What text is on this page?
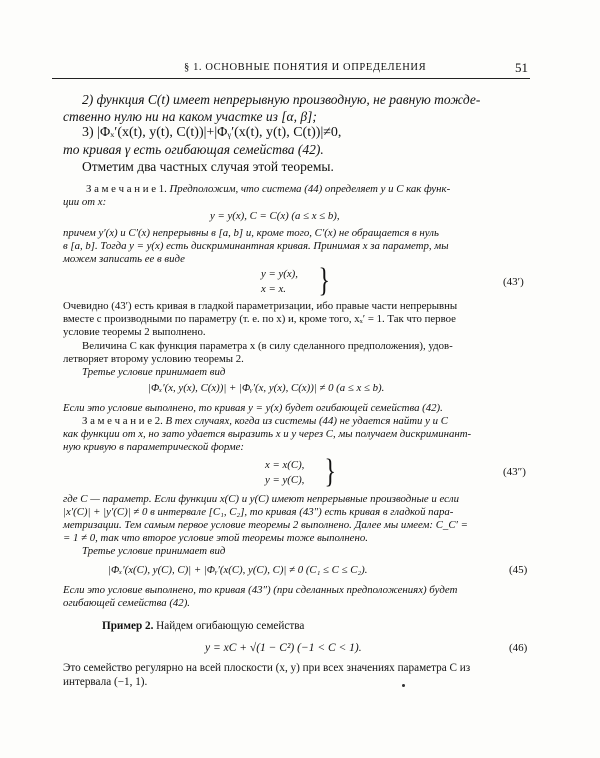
§ 1. ОСНОВНЫЕ ПОНЯТИЯ И ОПРЕДЕЛЕНИЯ	51
2) функция C(t) имеет непрерывную производную, не равную тожде-
ственно нулю ни на каком участке из [α, β];
3) |Φₓ′(x(t), y(t), C(t))|+|Φᵧ′(x(t), y(t), C(t))|≠0,
то кривая γ есть огибающая семейства (42).
Отметим два частных случая этой теоремы.
З а м е ч а н и е 1. Предположим, что система (44) определяет y и C как функ-
ции от x:
y = y(x), C = C(x) (a ≤ x ≤ b),
причем y′(x) и C′(x) непрерывны в [a, b] и, кроме того, C′(x) не обращается в нуль
в [a, b]. Тогда y = y(x) есть дискриминантная кривая. Принимая x за параметр, мы
можем записать ее в виде
y = y(x),
x = x. }	(43′)
Очевидно (43′) есть кривая в гладкой параметризации, ибо правые части непрерывны
вместе с производными по параметру (т. е. по x) и, кроме того, xₓ′ = 1. Так что первое
условие теоремы 2 выполнено.
Величина C как функция параметра x (в силу сделанного предположения), удов-
летворяет второму условию теоремы 2.
Третье условие принимает вид
|Φₓ′(x, y(x), C(x))| + |Φᵧ′(x, y(x), C(x))| ≠ 0 (a ≤ x ≤ b).
Если это условие выполнено, то кривая y = y(x) будет огибающей семейства (42).
З а м е ч а н и е 2. В тех случаях, когда из системы (44) не удается найти y и C
как функции от x, но зато удается выразить x и y через C, мы получаем дискриминант-
ную кривую в параметрической форме:
x = x(C),
y = y(C), }	(43″)
где C — параметр. Если функции x(C) и y(C) имеют непрерывные производные и если
|x′(C)| + |y′(C)| ≠ 0 в интервале [C₁, C₂], то кривая (43″) есть кривая в гладкой пара-
метризации. Тем самым первое условие теоремы 2 выполнено. Далее мы имеем: C_C′ =
= 1 ≠ 0, так что второе условие этой теоремы тоже выполнено.
Третье условие принимает вид
|Φₓ′(x(C), y(C), C)| + |Φᵧ′(x(C), y(C), C)| ≠ 0 (C₁ ≤ C ≤ C₂).	(45)
Если это условие выполнено, то кривая (43″) (при сделанных предположениях) будет
огибающей семейства (42).
Пример 2. Найдем огибающую семейства
y = xC + √(1 − C²) (−1 < C < 1).	(46)
Это семейство регулярно на всей плоскости (x, y) при всех значениях параметра C из
интервала (−1, 1).
